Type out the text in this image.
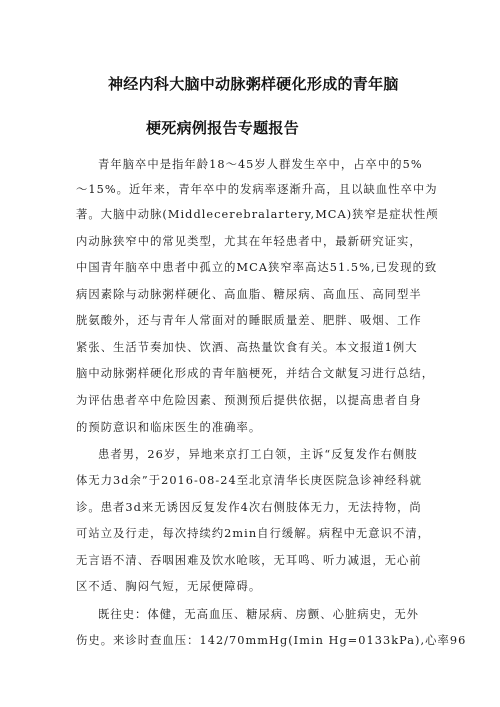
神经内科大脑中动脉粥样硬化形成的青年脑
梗死病例报告专题报告
青年脑卒中是指年龄18～45岁人群发生卒中，占卒中的5%
～15%。近年来，青年卒中的发病率逐渐升高，且以缺血性卒中为
著。大脑中动脉(Middlecerebralartery,MCA)狭窄是症状性颅
内动脉狭窄中的常见类型，尤其在年轻患者中，最新研究证实，
中国青年脑卒中患者中孤立的MCA狭窄率高达51.5%,已发现的致
病因素除与动脉粥样硬化、高血脂、糖尿病、高血压、高同型半
胱氨酸外，还与青年人常面对的睡眠质量差、肥胖、吸烟、工作
紧张、生活节奏加快、饮酒、高热量饮食有关。本文报道1例大
脑中动脉粥样硬化形成的青年脑梗死，并结合文献复习进行总结，
为评估患者卒中危险因素、预测预后提供依据，以提高患者自身
的预防意识和临床医生的准确率。
患者男，26岁，异地来京打工白领，主诉“反复发作右侧肢
体无力3d余”于2016-08-24至北京清华长庚医院急诊神经科就
诊。患者3d来无诱因反复发作4次右侧肢体无力，无法持物，尚
可站立及行走，每次持续约2min自行缓解。病程中无意识不清，
无言语不清、吞咽困难及饮水呛咳，无耳鸣、听力减退，无心前
区不适、胸闷气短，无尿便障碍。
既往史：体健，无高血压、糖尿病、房颤、心脏病史，无外
伤史。来诊时查血压：142/70mmHg(Imin Hg=0133kPa),心率96
